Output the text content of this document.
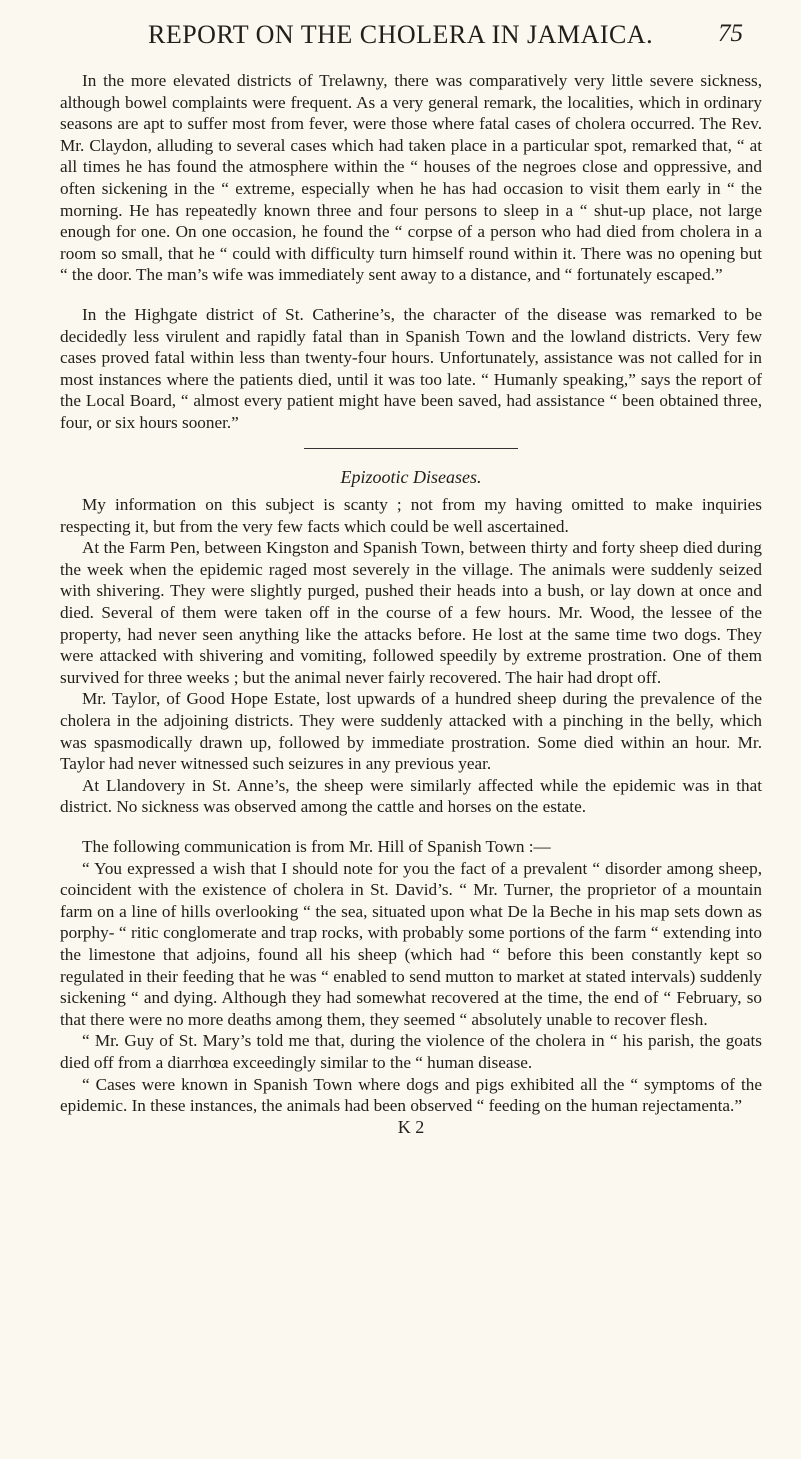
REPORT ON THE CHOLERA IN JAMAICA.	75

In the more elevated districts of Trelawny, there was comparatively very little severe sickness, although bowel complaints were frequent. As a very general remark, the localities, which in ordinary seasons are apt to suffer most from fever, were those where fatal cases of cholera occurred. The Rev. Mr. Claydon, alluding to several cases which had taken place in a particular spot, remarked that, “ at all times he has found the atmosphere within the “ houses of the negroes close and oppressive, and often sickening in the “ extreme, especially when he has had occasion to visit them early in “ the morning. He has repeatedly known three and four persons to sleep in a “ shut-up place, not large enough for one. On one occasion, he found the “ corpse of a person who had died from cholera in a room so small, that he “ could with difficulty turn himself round within it. There was no opening but “ the door. The man’s wife was immediately sent away to a distance, and “ fortunately escaped.”

In the Highgate district of St. Catherine’s, the character of the disease was remarked to be decidedly less virulent and rapidly fatal than in Spanish Town and the lowland districts. Very few cases proved fatal within less than twenty-four hours. Unfortunately, assistance was not called for in most instances where the patients died, until it was too late. “ Humanly speaking,” says the report of the Local Board, “ almost every patient might have been saved, had assistance “ been obtained three, four, or six hours sooner.”

Epizootic Diseases.

My information on this subject is scanty ; not from my having omitted to make inquiries respecting it, but from the very few facts which could be well ascertained.

At the Farm Pen, between Kingston and Spanish Town, between thirty and forty sheep died during the week when the epidemic raged most severely in the village. The animals were suddenly seized with shivering. They were slightly purged, pushed their heads into a bush, or lay down at once and died. Several of them were taken off in the course of a few hours. Mr. Wood, the lessee of the property, had never seen anything like the attacks before. He lost at the same time two dogs. They were attacked with shivering and vomiting, followed speedily by extreme prostration. One of them survived for three weeks ; but the animal never fairly recovered. The hair had dropt off.

Mr. Taylor, of Good Hope Estate, lost upwards of a hundred sheep during the prevalence of the cholera in the adjoining districts. They were suddenly attacked with a pinching in the belly, which was spasmodically drawn up, followed by immediate prostration. Some died within an hour. Mr. Taylor had never witnessed such seizures in any previous year.

At Llandovery in St. Anne’s, the sheep were similarly affected while the epidemic was in that district. No sickness was observed among the cattle and horses on the estate.

The following communication is from Mr. Hill of Spanish Town :—

“ You expressed a wish that I should note for you the fact of a prevalent “ disorder among sheep, coincident with the existence of cholera in St. David’s. “ Mr. Turner, the proprietor of a mountain farm on a line of hills overlooking “ the sea, situated upon what De la Beche in his map sets down as porphy- “ ritic conglomerate and trap rocks, with probably some portions of the farm “ extending into the limestone that adjoins, found all his sheep (which had “ before this been constantly kept so regulated in their feeding that he was “ enabled to send mutton to market at stated intervals) suddenly sickening “ and dying. Although they had somewhat recovered at the time, the end of “ February, so that there were no more deaths among them, they seemed “ absolutely unable to recover flesh.

“ Mr. Guy of St. Mary’s told me that, during the violence of the cholera in “ his parish, the goats died off from a diarrhœa exceedingly similar to the “ human disease.

“ Cases were known in Spanish Town where dogs and pigs exhibited all the “ symptoms of the epidemic. In these instances, the animals had been observed “ feeding on the human rejectamenta.”

K 2
